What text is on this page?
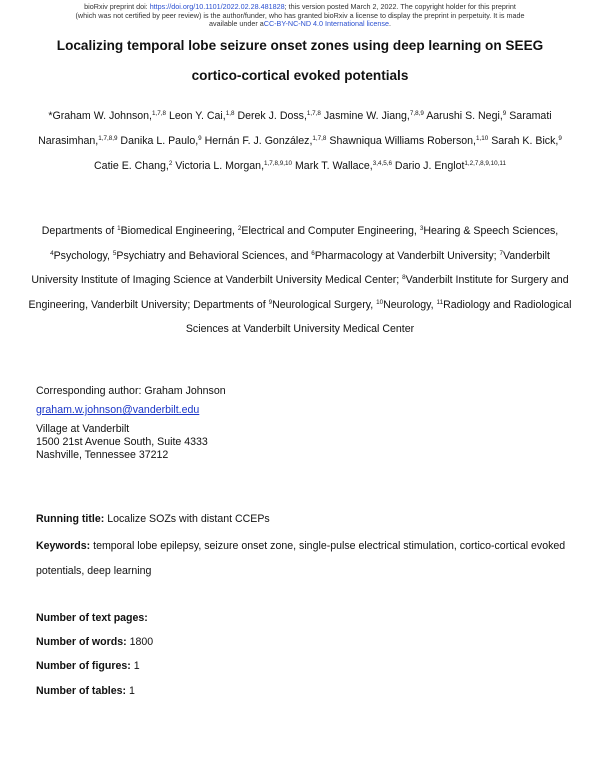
bioRxiv preprint doi: https://doi.org/10.1101/2022.02.28.481828; this version posted March 2, 2022. The copyright holder for this preprint
(which was not certified by peer review) is the author/funder, who has granted bioRxiv a license to display the preprint in perpetuity. It is made
available under aCC-BY-NC-ND 4.0 International license.
Localizing temporal lobe seizure onset zones using deep learning on SEEG
cortico-cortical evoked potentials
*Graham W. Johnson,$^{1,7,8}$ Leon Y. Cai,$^{1,8}$ Derek J. Doss,$^{1,7,8}$ Jasmine W. Jiang,$^{7,8,9}$ Aarushi S. Negi,$^9$ Saramati Narasimhan,$^{1,7,8,9}$ Danika L. Paulo,$^9$ Hernán F. J. González,$^{1,7,8}$ Shawniqua Williams Roberson,$^{1,10}$ Sarah K. Bick,$^9$ Catie E. Chang,$^2$ Victoria L. Morgan,$^{1,7,8,9,10}$ Mark T. Wallace,$^{3,4,5,6}$ Dario J. Englot$^{1,2,7,8,9,10,11}$
Departments of $^1$Biomedical Engineering, $^2$Electrical and Computer Engineering, $^3$Hearing & Speech Sciences, $^4$Psychology, $^5$Psychiatry and Behavioral Sciences, and $^6$Pharmacology at Vanderbilt University; $^7$Vanderbilt University Institute of Imaging Science at Vanderbilt University Medical Center; $^8$Vanderbilt Institute for Surgery and Engineering, Vanderbilt University; Departments of $^9$Neurological Surgery, $^{10}$Neurology, $^{11}$Radiology and Radiological Sciences at Vanderbilt University Medical Center
Corresponding author: Graham Johnson
graham.w.johnson@vanderbilt.edu
Village at Vanderbilt
1500 21st Avenue South, Suite 4333
Nashville, Tennessee 37212
Running title: Localize SOZs with distant CCEPs
Keywords: temporal lobe epilepsy, seizure onset zone, single-pulse electrical stimulation, cortico-cortical evoked potentials, deep learning
Number of text pages:
Number of words: 1800
Number of figures: 1
Number of tables: 1
